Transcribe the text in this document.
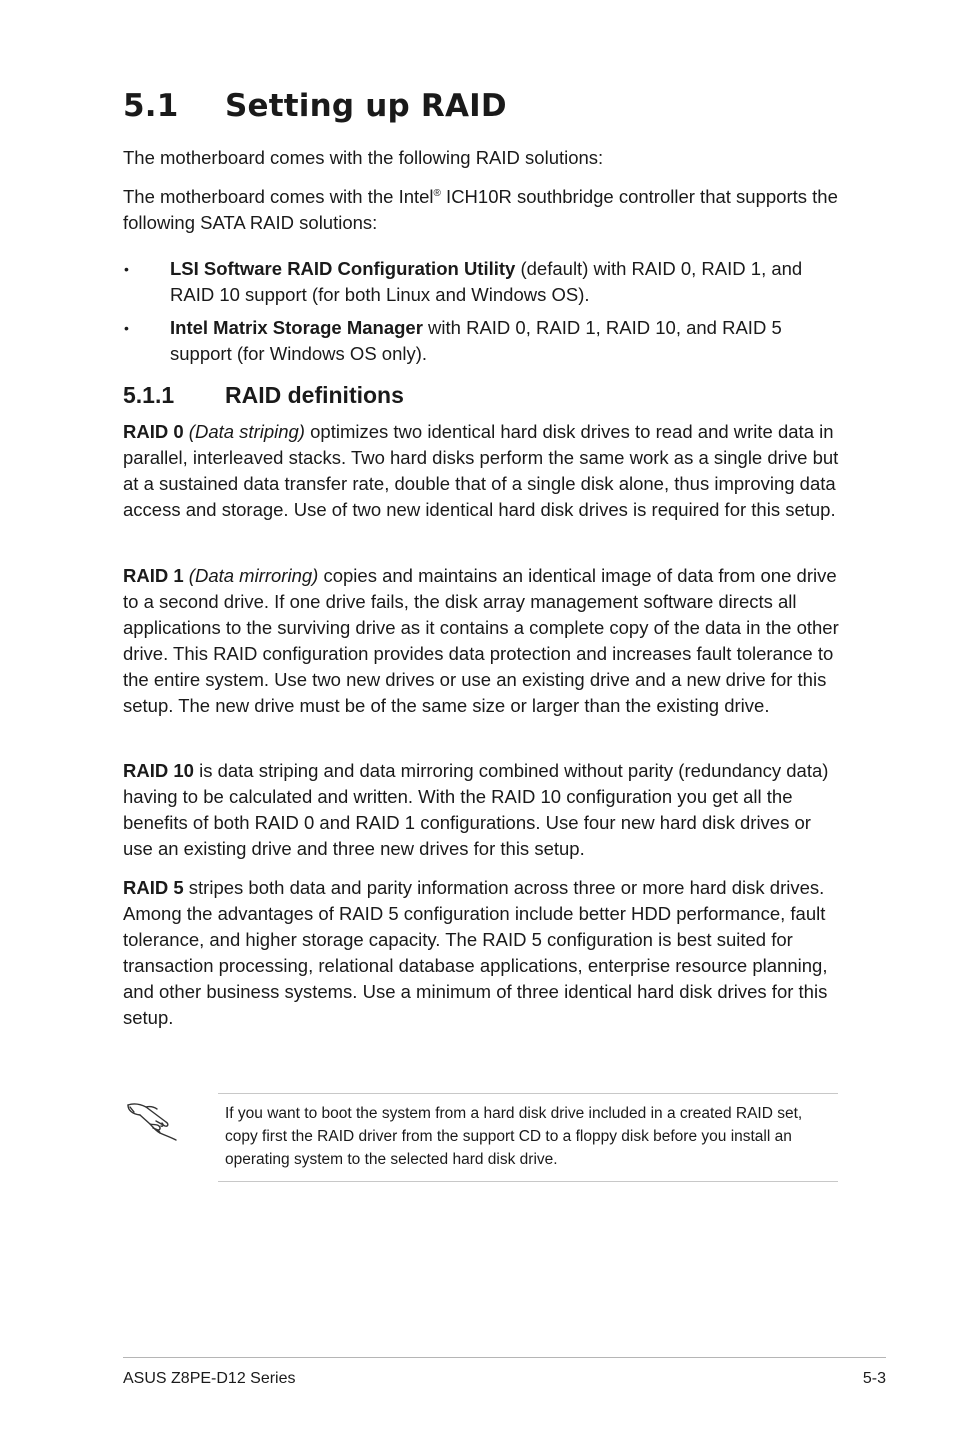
5.1 Setting up RAID

The motherboard comes with the following RAID solutions:

The motherboard comes with the Intel® ICH10R southbridge controller that supports the following SATA RAID solutions:

• LSI Software RAID Configuration Utility (default) with RAID 0, RAID 1, and RAID 10 support (for both Linux and Windows OS).
• Intel Matrix Storage Manager with RAID 0, RAID 1, RAID 10, and RAID 5 support (for Windows OS only).
5.1.1 RAID definitions

RAID 0 (Data striping) optimizes two identical hard disk drives to read and write data in parallel, interleaved stacks. Two hard disks perform the same work as a single drive but at a sustained data transfer rate, double that of a single disk alone, thus improving data access and storage. Use of two new identical hard disk drives is required for this setup.

RAID 1 (Data mirroring) copies and maintains an identical image of data from one drive to a second drive. If one drive fails, the disk array management software directs all applications to the surviving drive as it contains a complete copy of the data in the other drive. This RAID configuration provides data protection and increases fault tolerance to the entire system. Use two new drives or use an existing drive and a new drive for this setup. The new drive must be of the same size or larger than the existing drive.

RAID 10 is data striping and data mirroring combined without parity (redundancy data) having to be calculated and written. With the RAID 10 configuration you get all the benefits of both RAID 0 and RAID 1 configurations. Use four new hard disk drives or use an existing drive and three new drives for this setup.

RAID 5 stripes both data and parity information across three or more hard disk drives. Among the advantages of RAID 5 configuration include better HDD performance, fault tolerance, and higher storage capacity. The RAID 5 configuration is best suited for transaction processing, relational database applications, enterprise resource planning, and other business systems. Use a minimum of three identical hard disk drives for this setup.

If you want to boot the system from a hard disk drive included in a created RAID set, copy first the RAID driver from the support CD to a floppy disk before you install an operating system to the selected hard disk drive.

ASUS Z8PE-D12 Series	5-3
